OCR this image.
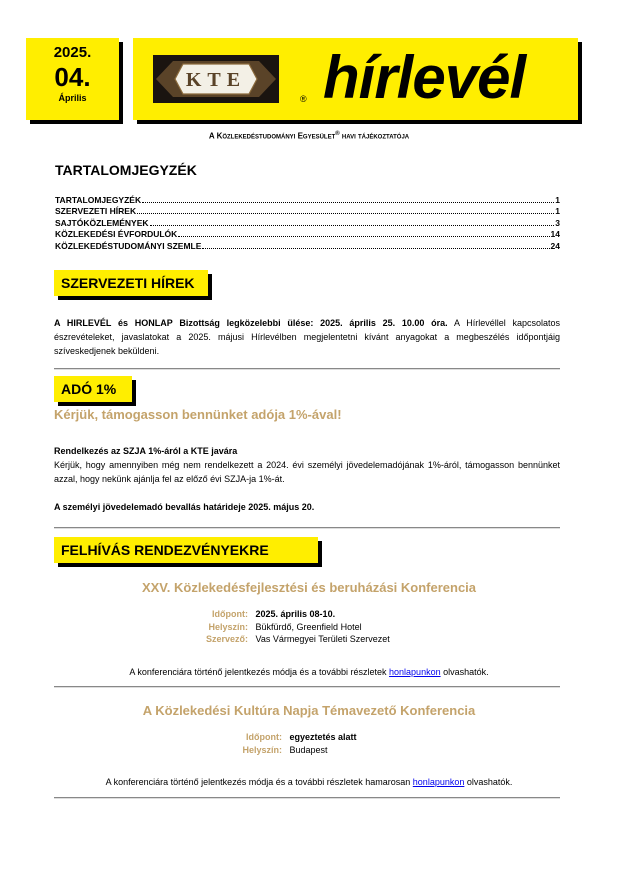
2025.
04.
Április
KTE
® hírlevél
A Közlekedéstudományi Egyesület® havi tájékoztatója
TARTALOMJEGYZÉK
TARTALOMJEGYZÉK	1
SZERVEZETI HÍREK	1
SAJTÓKÖZLEMÉNYEK	3
KÖZLEKEDÉSI ÉVFORDULÓK	14
KÖZLEKEDÉSTUDOMÁNYI SZEMLE	24
SZERVEZETI HÍREK
A HIRLEVÉL és HONLAP Bizottság legközelebbi ülése: 2025. április 25. 10.00 óra. A Hírlevéllel kapcsolatos észrevételeket, javaslatokat a 2025. májusi Hírlevélben megjelentetni kívánt anyagokat a megbeszélés időpontjáig szíveskedjenek beküldeni.
ADÓ 1%
Kérjük, támogasson bennünket adója 1%-ával!
Rendelkezés az SZJA 1%-áról a KTE javára
Kérjük, hogy amennyiben még nem rendelkezett a 2024. évi személyi jövedelemadójának 1%-áról, támogasson bennünket azzal, hogy nekünk ajánlja fel az előző évi SZJA-ja 1%-át.
A személyi jövedelemadó bevallás határideje 2025. május 20.
FELHÍVÁS RENDEZVÉNYEKRE
XXV. Közlekedésfejlesztési és beruházási Konferencia
Időpont: 2025. április 08-10.
Helyszín: Bükfürdő, Greenfield Hotel
Szervező: Vas Vármegyei Területi Szervezet
A konferenciára történő jelentkezés módja és a további részletek honlapunkon olvashatók.
A Közlekedési Kultúra Napja Témavezető Konferencia
Időpont: egyeztetés alatt
Helyszín: Budapest
A konferenciára történő jelentkezés módja és a további részletek hamarosan honlapunkon olvashatók.
